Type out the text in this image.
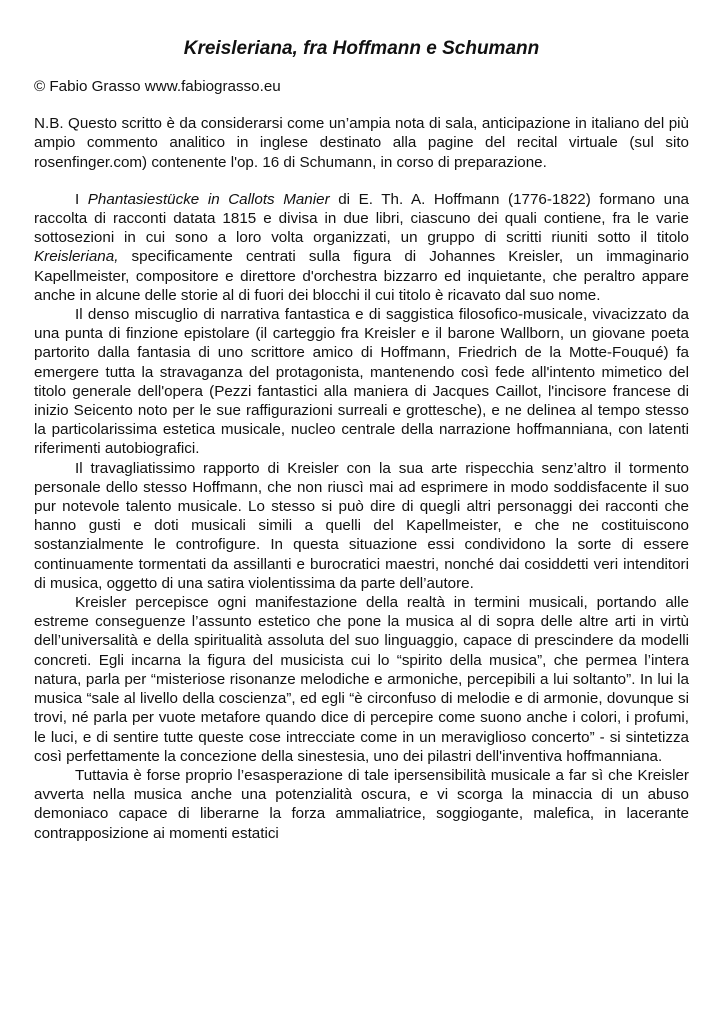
Kreisleriana, fra Hoffmann e Schumann

© Fabio Grasso www.fabiograsso.eu

N.B. Questo scritto è da considerarsi come un’ampia nota di sala, anticipazione in italiano del più ampio commento analitico in inglese destinato alla pagine del recital virtuale (sul sito rosenfinger.com) contenente l'op. 16 di Schumann, in corso di preparazione.

I Phantasiestücke in Callots Manier di E. Th. A. Hoffmann (1776-1822) formano una raccolta di racconti datata 1815 e divisa in due libri, ciascuno dei quali contiene, fra le varie sottosezioni in cui sono a loro volta organizzati, un gruppo di scritti riuniti sotto il titolo Kreisleriana, specificamente centrati sulla figura di Johannes Kreisler, un immaginario Kapellmeister, compositore e direttore d'orchestra bizzarro ed inquietante, che peraltro appare anche in alcune delle storie al di fuori dei blocchi il cui titolo è ricavato dal suo nome.

Il denso miscuglio di narrativa fantastica e di saggistica filosofico-musicale, vivacizzato da una punta di finzione epistolare (il carteggio fra Kreisler e il barone Wallborn, un giovane poeta partorito dalla fantasia di uno scrittore amico di Hoffmann, Friedrich de la Motte-Fouqué) fa emergere tutta la stravaganza del protagonista, mantenendo così fede all'intento mimetico del titolo generale dell'opera (Pezzi fantastici alla maniera di Jacques Caillot, l'incisore francese di inizio Seicento noto per le sue raffigurazioni surreali e grottesche), e ne delinea al tempo stesso la particolarissima estetica musicale, nucleo centrale della narrazione hoffmanniana, con latenti riferimenti autobiografici.

Il travagliatissimo rapporto di Kreisler con la sua arte rispecchia senz’altro il tormento personale dello stesso Hoffmann, che non riuscì mai ad esprimere in modo soddisfacente il suo pur notevole talento musicale. Lo stesso si può dire di quegli altri personaggi dei racconti che hanno gusti e doti musicali simili a quelli del Kapellmeister, e che ne costituiscono sostanzialmente le controfigure. In questa situazione essi condividono la sorte di essere continuamente tormentati da assillanti e burocratici maestri, nonché dai cosiddetti veri intenditori di musica, oggetto di una satira violentissima da parte dell’autore.

Kreisler percepisce ogni manifestazione della realtà in termini musicali, portando alle estreme conseguenze l’assunto estetico che pone la musica al di sopra delle altre arti in virtù dell’universalità e della spiritualità assoluta del suo linguaggio, capace di prescindere da modelli concreti. Egli incarna la figura del musicista cui lo “spirito della musica”, che permea l’intera natura, parla per “misteriose risonanze melodiche e armoniche, percepibili a lui soltanto”. In lui la musica “sale al livello della coscienza”, ed egli “è circonfuso di melodie e di armonie, dovunque si trovi, né parla per vuote metafore quando dice di percepire come suono anche i colori, i profumi, le luci, e di sentire tutte queste cose intrecciate come in un meraviglioso concerto” - si sintetizza così perfettamente la concezione della sinestesia, uno dei pilastri dell'inventiva hoffmanniana.

Tuttavia è forse proprio l’esasperazione di tale ipersensibilità musicale a far sì che Kreisler avverta nella musica anche una potenzialità oscura, e vi scorga la minaccia di un abuso demoniaco capace di liberarne la forza ammaliatrice, soggiogante, malefica, in lacerante contrapposizione ai momenti estatici
